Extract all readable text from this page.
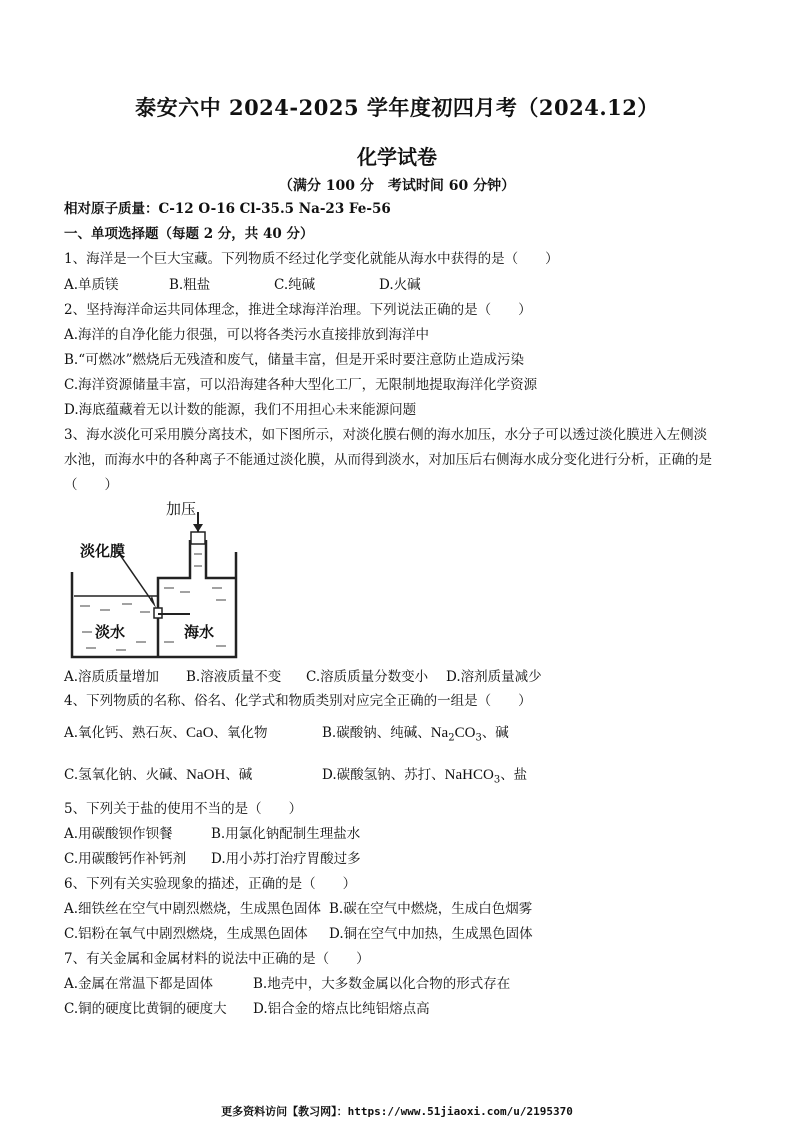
泰安六中 2024-2025 学年度初四月考（2024.12）
化学试卷
（满分 100 分　考试时间 60 分钟）
相对原子质量：C-12 O-16 Cl-35.5 Na-23 Fe-56
一、单项选择题（每题 2 分，共 40 分）
1、海洋是一个巨大宝藏。下列物质不经过化学变化就能从海水中获得的是（　　）
A.单质镁	B.粗盐	C.纯碱	D.火碱
2、坚持海洋命运共同体理念，推进全球海洋治理。下列说法正确的是（　　）
A.海洋的自净化能力很强，可以将各类污水直接排放到海洋中
B.“可燃冰”燃烧后无残渣和废气，储量丰富，但是开采时要注意防止造成污染
C.海洋资源储量丰富，可以沿海建各种大型化工厂，无限制地提取海洋化学资源
D.海底蕴藏着无以计数的能源，我们不用担心未来能源问题
3、海水淡化可采用膜分离技术，如下图所示，对淡化膜右侧的海水加压，水分子可以透过淡化膜进入左侧淡
水池，而海水中的各种离子不能通过淡化膜，从而得到淡水，对加压后右侧海水成分变化进行分析，正确的是
（　　）
加压
淡化膜
淡水	海水
A.溶质质量增加 B.溶液质量不变 C.溶质质量分数变小 D.溶剂质量减少
4、下列物质的名称、俗名、化学式和物质类别对应完全正确的一组是（　　）
A.氧化钙、熟石灰、CaO、氧化物	B.碳酸钠、纯碱、$Na_2CO_3$、碱
C.氢氧化钠、火碱、NaOH、碱	D.碳酸氢钠、苏打、NaHCO$_3$、盐
5、下列关于盐的使用不当的是（　　）
A.用碳酸钡作钡餐	B.用氯化钠配制生理盐水
C.用碳酸钙作补钙剂 D.用小苏打治疗胃酸过多
6、下列有关实验现象的描述，正确的是（　　）
A.细铁丝在空气中剧烈燃烧，生成黑色固体 B.碳在空气中燃烧，生成白色烟雾
C.铝粉在氧气中剧烈燃烧，生成黑色固体 D.铜在空气中加热，生成黑色固体
7、有关金属和金属材料的说法中正确的是（　　）
A.金属在常温下都是固体	B.地壳中，大多数金属以化合物的形式存在
C.铜的硬度比黄铜的硬度大 D.铝合金的熔点比纯铝熔点高
更多资料访问【教习网】：https://www.51jiaoxi.com/u/2195370
